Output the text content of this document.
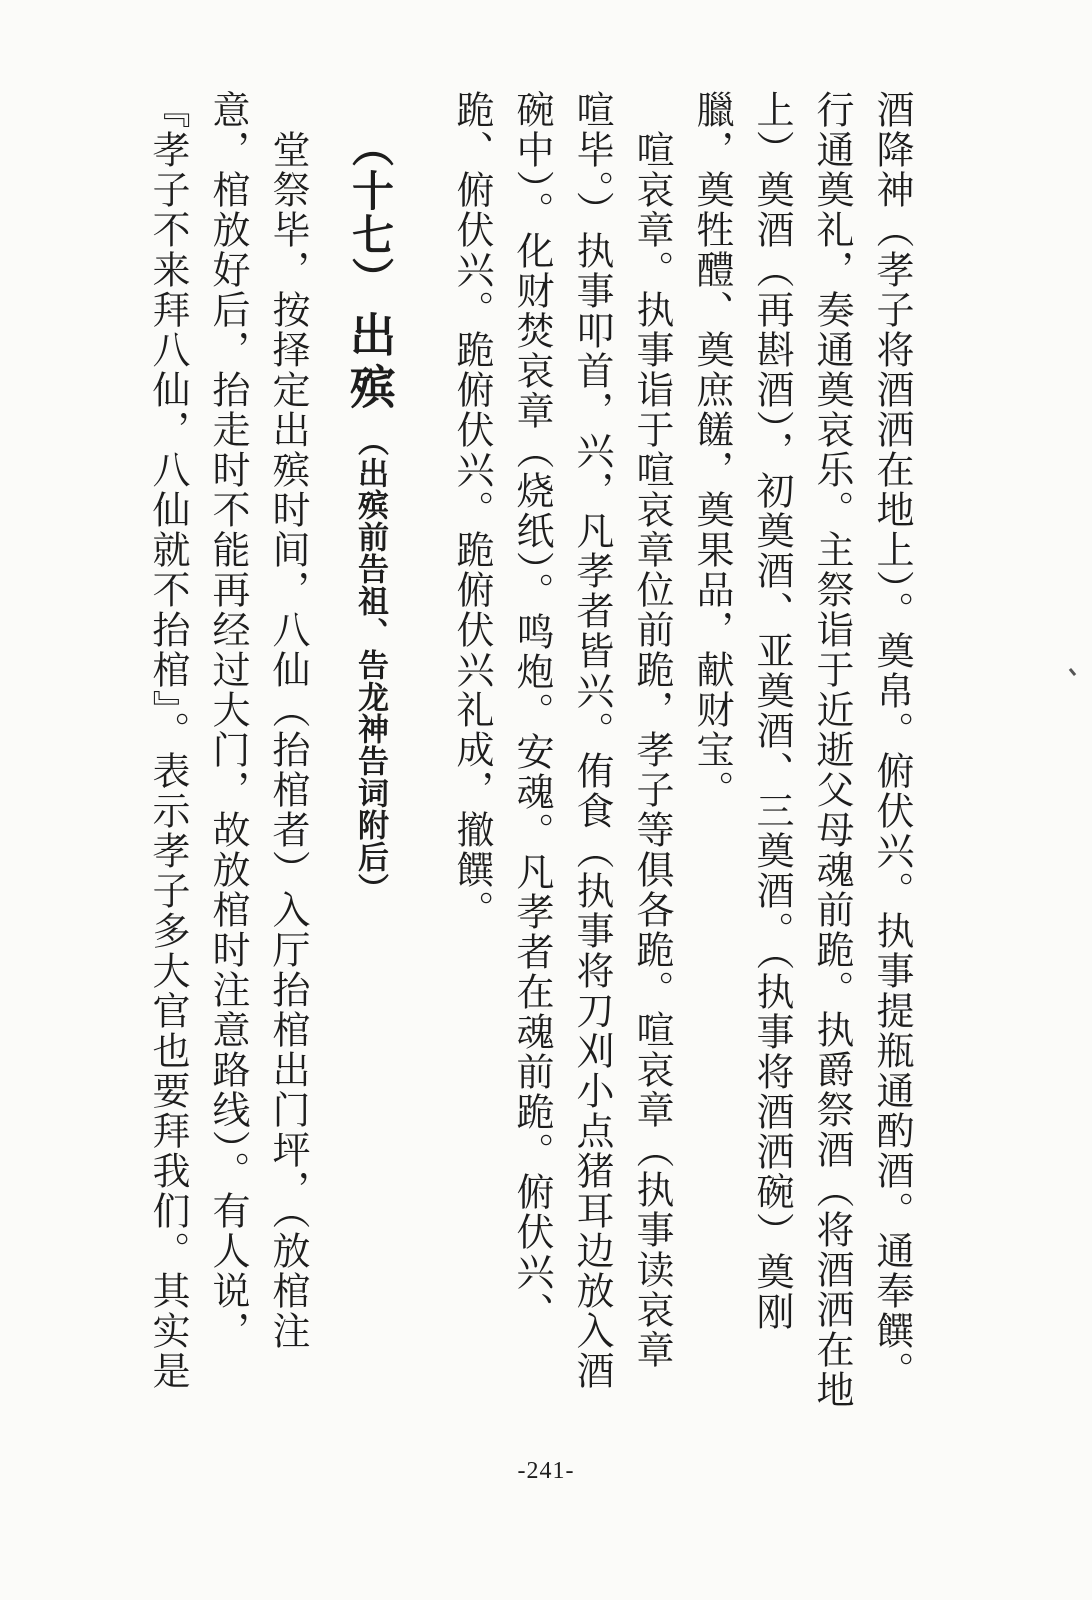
酒降神（孝子将酒洒在地上）。奠帛。俯伏兴。执事提瓶通酌酒。通奉饌。
行通奠礼，奏通奠哀乐。主祭诣于近逝父母魂前跪。执爵祭酒（将酒洒在地
上）奠酒（再斟酒），初奠酒、亚奠酒、三奠酒。（执事将酒洒碗）奠刚
臘，奠牲醴、奠庶饈，奠果品，献财宝。
喧哀章。执事诣于喧哀章位前跪，孝子等俱各跪。喧哀章（执事读哀章
喧毕。）执事叩首，兴，凡孝者皆兴。侑食（执事将刀刈小点猪耳边放入酒
碗中）。化财焚哀章（烧纸）。鸣炮。安魂。凡孝者在魂前跪。俯伏兴、
跪、俯伏兴。跪俯伏兴。跪俯伏兴礼成，撤饌。
（十七）出殡（出殡前告祖、告龙神告词附后）
堂祭毕，按择定出殡时间，八仙（抬棺者）入厅抬棺出门坪，（放棺注
意，棺放好后，抬走时不能再经过大门，故放棺时注意路线）。有人说，
『孝子不来拜八仙，八仙就不抬棺』。表示孝子多大官也要拜我们。其实是
-241-
